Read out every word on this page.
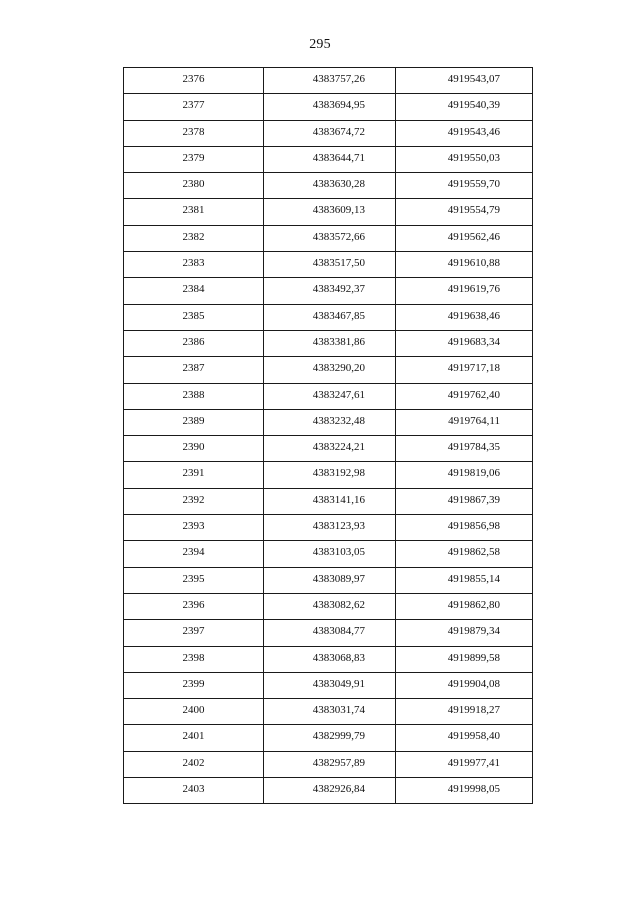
295
2376	4383757,26	4919543,07
2377	4383694,95	4919540,39
2378	4383674,72	4919543,46
2379	4383644,71	4919550,03
2380	4383630,28	4919559,70
2381	4383609,13	4919554,79
2382	4383572,66	4919562,46
2383	4383517,50	4919610,88
2384	4383492,37	4919619,76
2385	4383467,85	4919638,46
2386	4383381,86	4919683,34
2387	4383290,20	4919717,18
2388	4383247,61	4919762,40
2389	4383232,48	4919764,11
2390	4383224,21	4919784,35
2391	4383192,98	4919819,06
2392	4383141,16	4919867,39
2393	4383123,93	4919856,98
2394	4383103,05	4919862,58
2395	4383089,97	4919855,14
2396	4383082,62	4919862,80
2397	4383084,77	4919879,34
2398	4383068,83	4919899,58
2399	4383049,91	4919904,08
2400	4383031,74	4919918,27
2401	4382999,79	4919958,40
2402	4382957,89	4919977,41
2403	4382926,84	4919998,05
